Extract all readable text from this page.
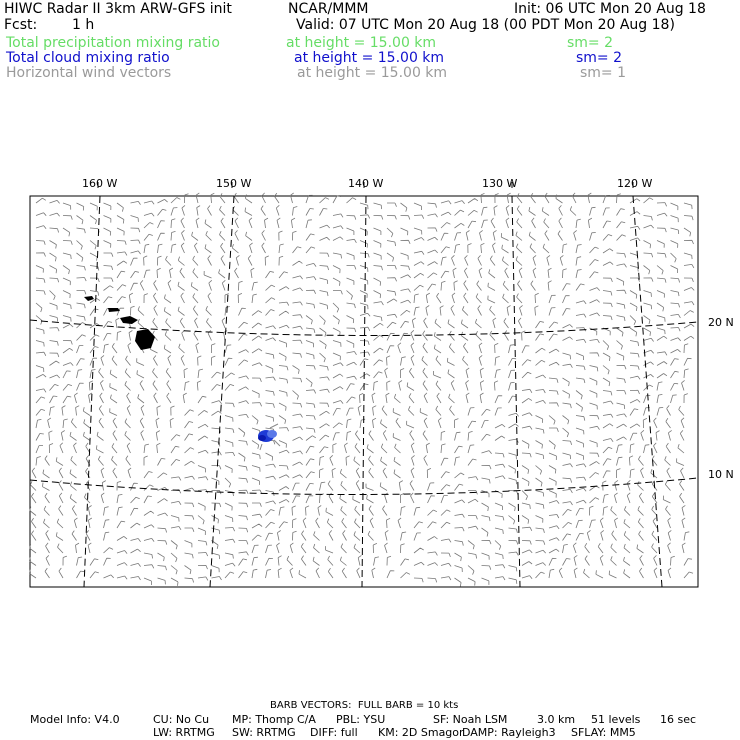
HIWC Radar II 3km ARW-GFS init	NCAR/MMM	Init: 06 UTC Mon 20 Aug 18
Fcst: 1 h	Valid: 07 UTC Mon 20 Aug 18 (00 PDT Mon 20 Aug 18)
Total precipitation mixing ratio	at height = 15.00 km	sm= 2
Total cloud mixing ratio	at height = 15.00 km	sm= 2
Horizontal wind vectors	at height = 15.00 km	sm= 1
160 W	150 W	140 W	130 W	120 W
20 N
10 N
BARB VECTORS:  FULL BARB = 10 kts
Model Info: V4.0	CU: No Cu MP: Thomp C/A PBL: YSU	SF: Noah LSM	3.0 km 51 levels 16 sec
LW: RRTMG SW: RRTMG DIFF: full KM: 2D Smagor
DAMP: Rayleigh3 SFLAY: MM5
